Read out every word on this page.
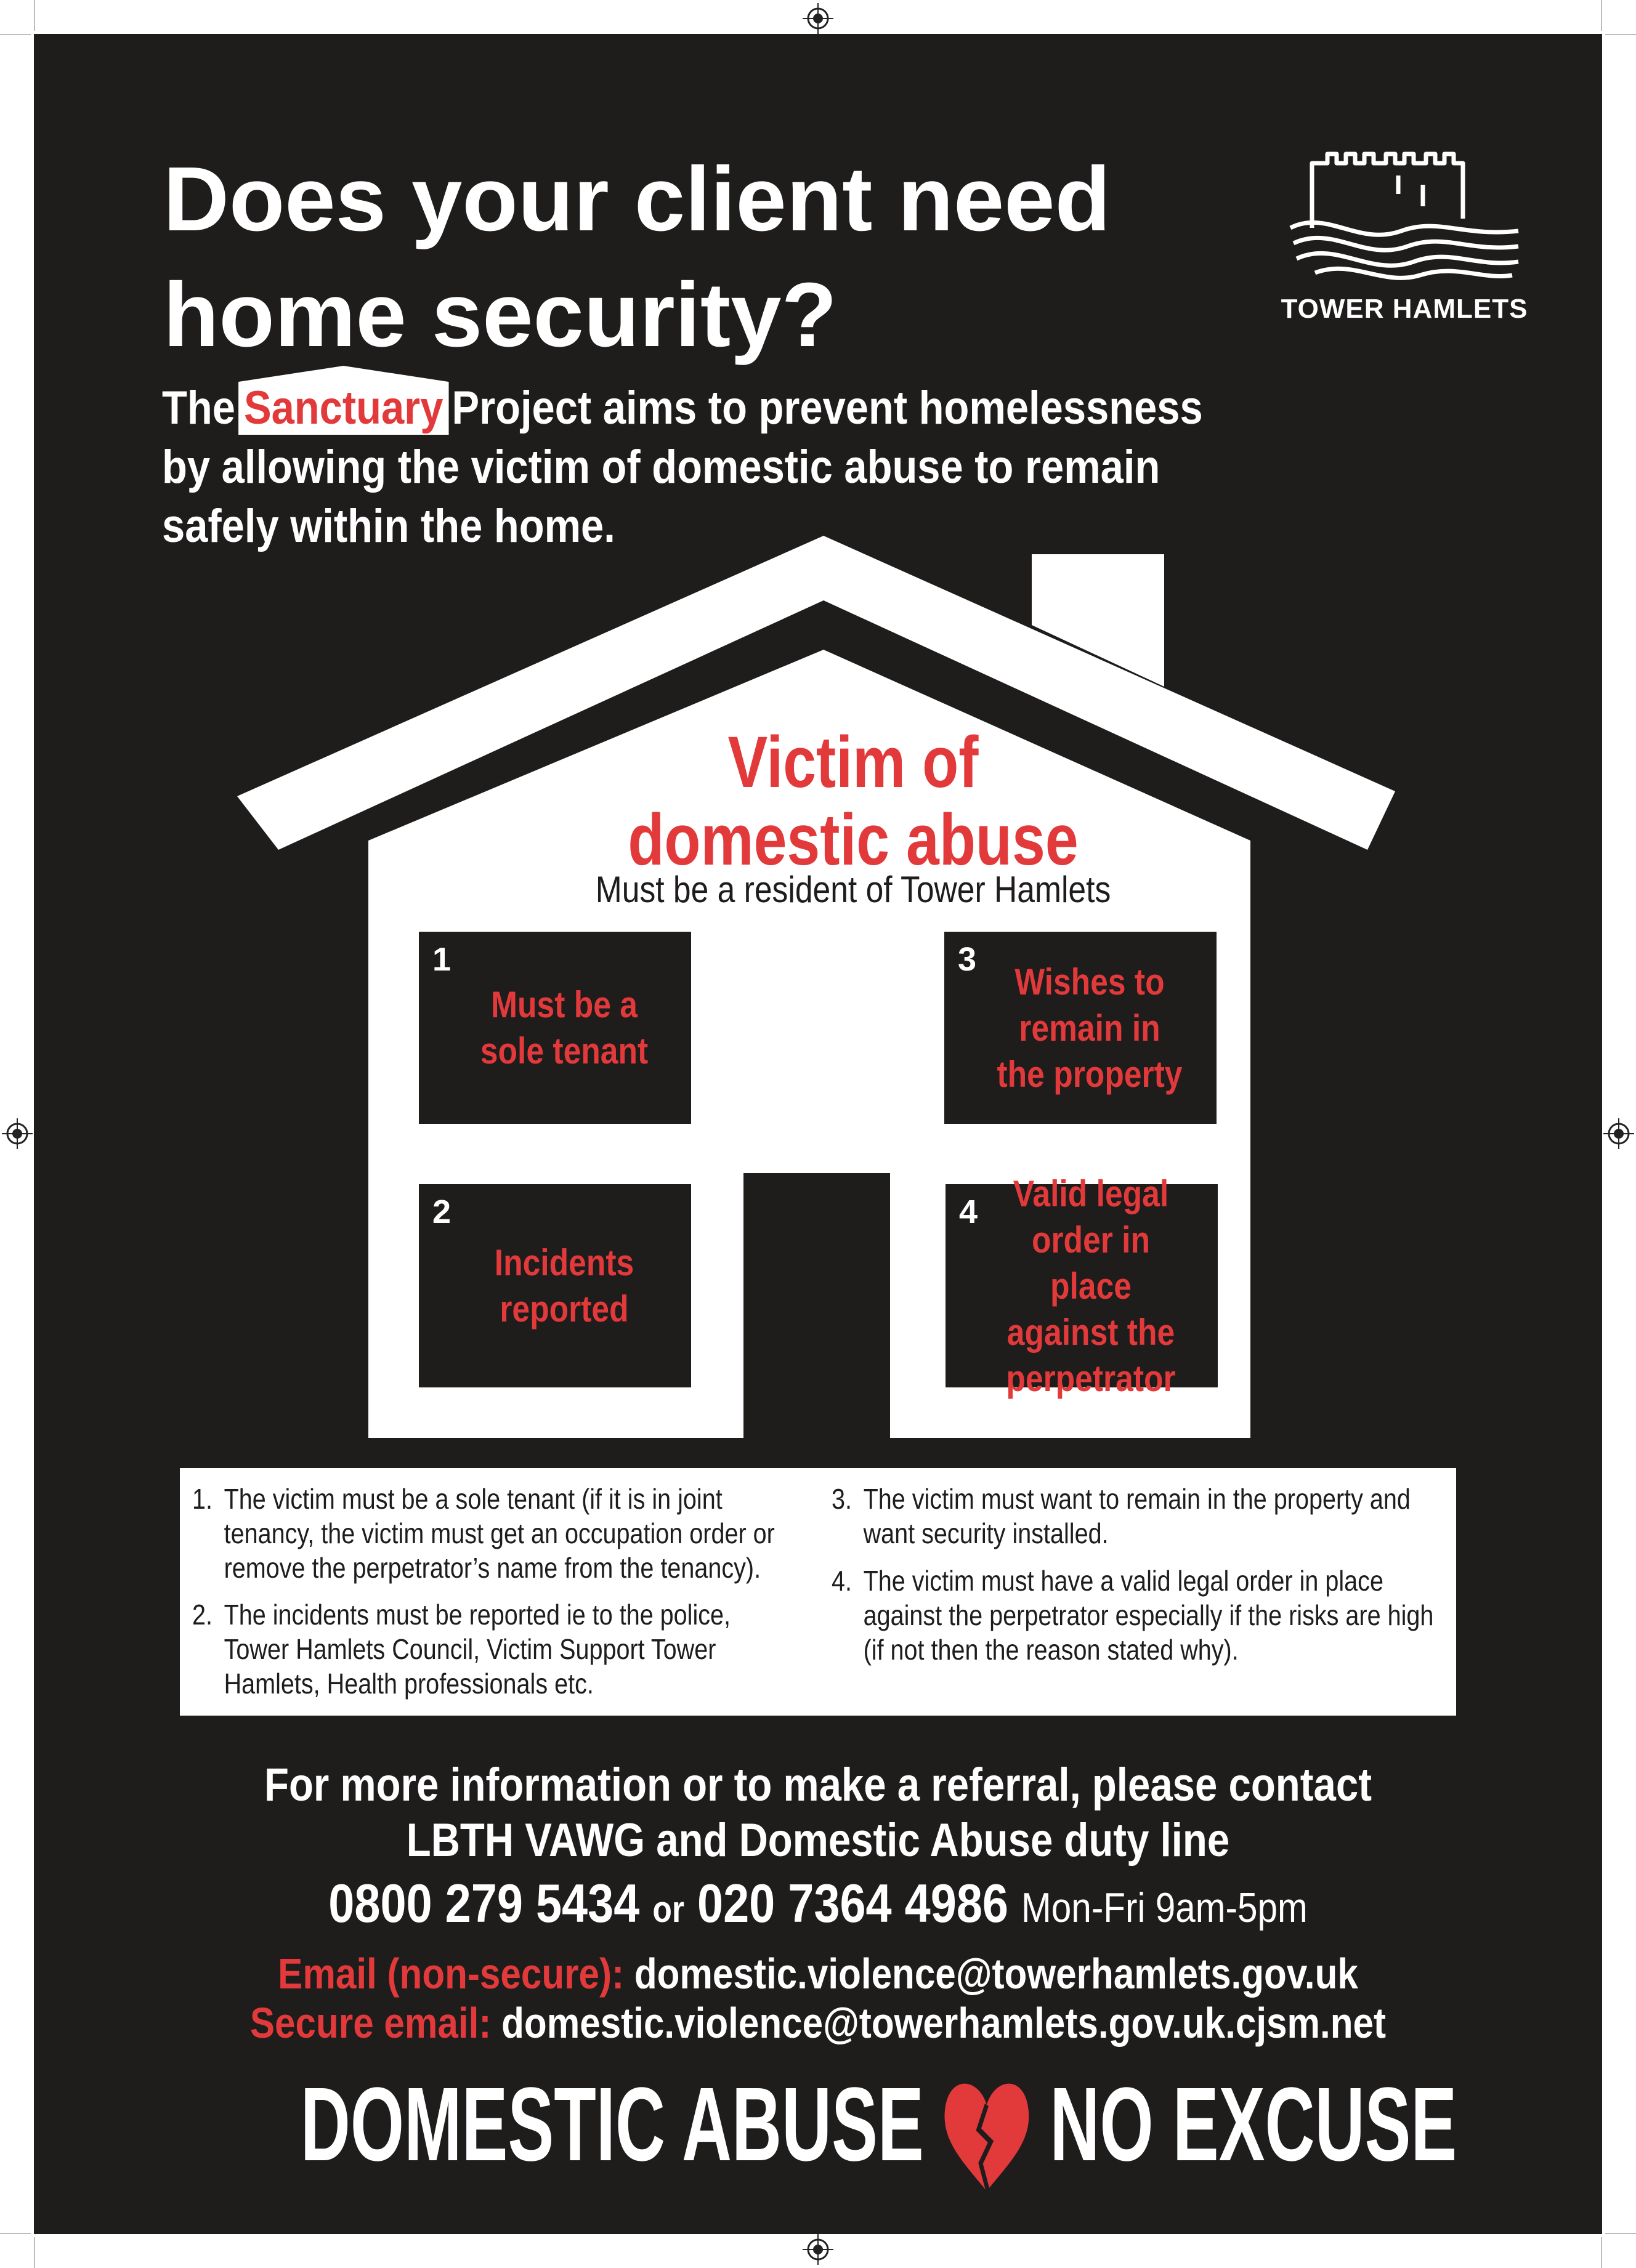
Does your client need
home security?
The Sanctuary Project aims to prevent homelessness
by allowing the victim of domestic abuse to remain
safely within the home.
TOWER HAMLETS
Victim of
domestic abuse
Must be a resident of Tower Hamlets
1
Must be a
sole tenant
3
Wishes to
remain in
the property
2
Incidents
reported
4 Valid legal
order in place
against the
perpetrator
1. The victim must be a sole tenant (if it is in joint
tenancy, the victim must get an occupation order or
remove the perpetrator’s name from the tenancy).
2. The incidents must be reported ie to the police,
Tower Hamlets Council, Victim Support Tower
Hamlets, Health professionals etc.
3. The victim must want to remain in the property and
want security installed.
4. The victim must have a valid legal order in place
against the perpetrator especially if the risks are high
(if not then the reason stated why).
For more information or to make a referral, please contact
LBTH VAWG and Domestic Abuse duty line
0800 279 5434 or 020 7364 4986 Mon-Fri 9am-5pm
Email (non-secure): domestic.violence@towerhamlets.gov.uk
Secure email: domestic.violence@towerhamlets.gov.uk.cjsm.net
DOMESTIC ABUSE NO EXCUSE
